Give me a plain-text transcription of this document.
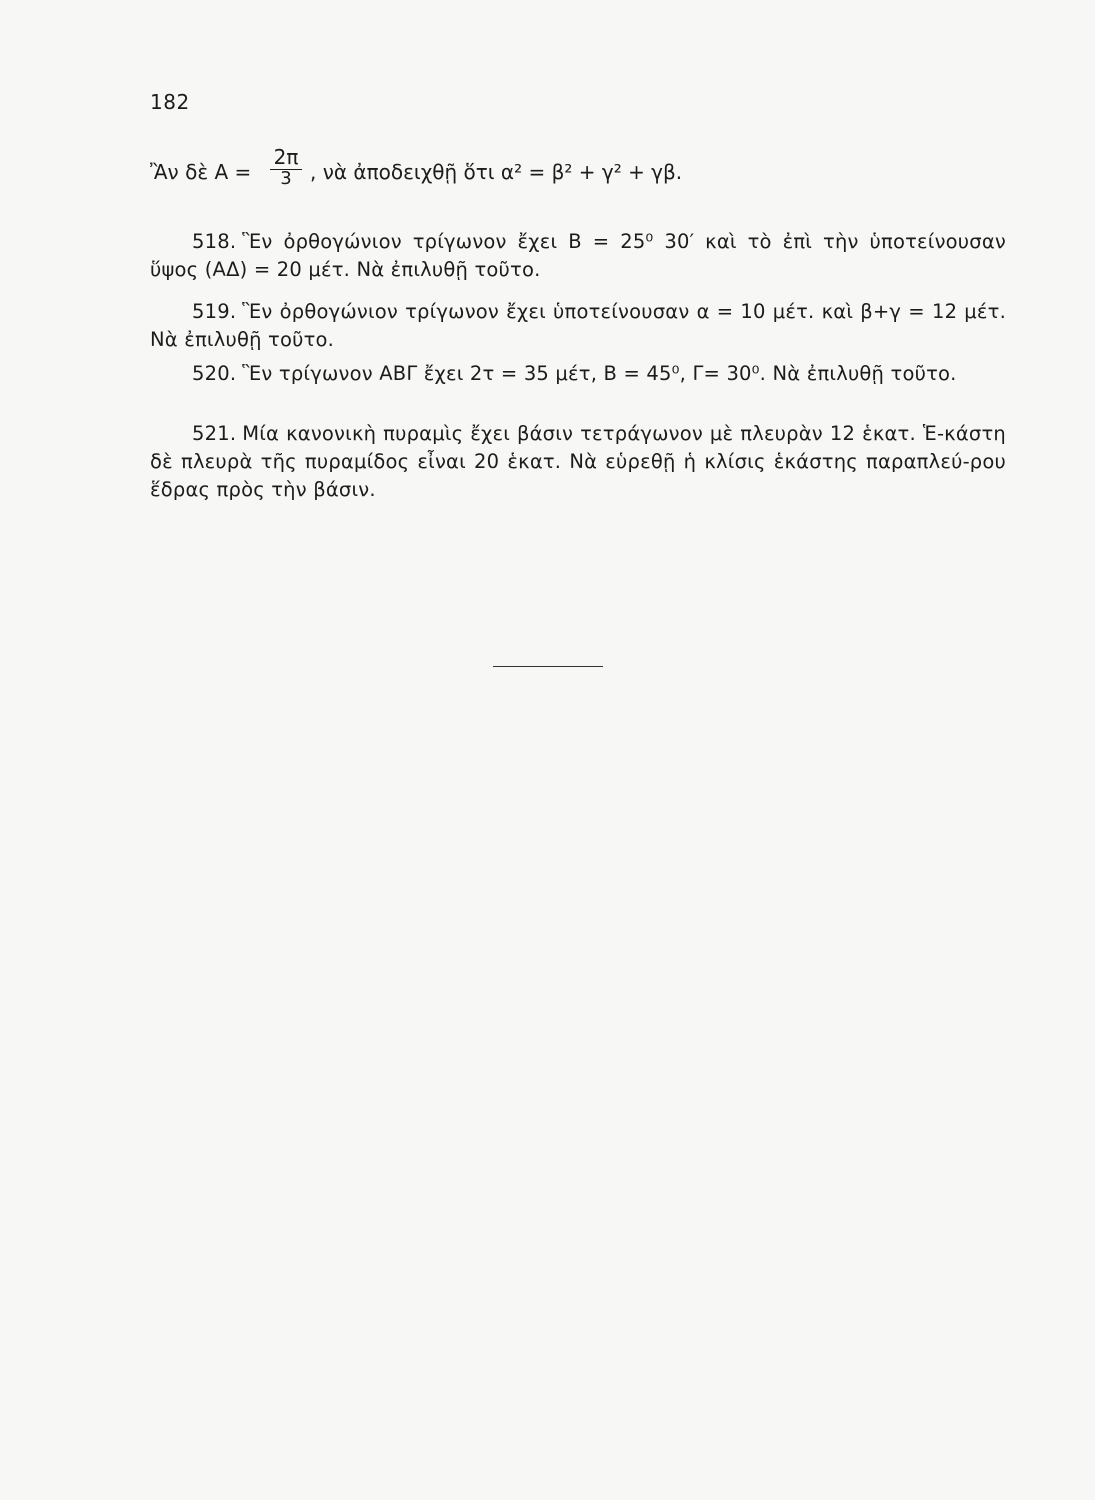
182
Ἂν δὲ Α =
2π
3 , νὰ ἀποδειχθῇ ὅτι α² = β² + γ² + γβ.

518. Ἓν ὀρθογώνιον τρίγωνον ἔχει Β = 25⁰ 30′ καὶ τὸ ἐπὶ τὴν ὑποτείνουσαν ὕψος (ΑΔ) = 20 μέτ. Νὰ ἐπιλυθῇ τοῦτο.

519. Ἓν ὀρθογώνιον τρίγωνον ἔχει ὑποτείνουσαν α = 10 μέτ. καὶ β+γ = 12 μέτ. Νὰ ἐπιλυθῇ τοῦτο.

520. Ἓν τρίγωνον ΑΒΓ ἔχει 2τ = 35 μέτ, Β = 45⁰, Γ= 30⁰. Νὰ ἐπιλυθῇ τοῦτο.

521. Μία κανονικὴ πυραμὶς ἔχει βάσιν τετράγωνον μὲ πλευρὰν 12 ἑκατ. Ἑ-κάστη δὲ πλευρὰ τῆς πυραμίδος εἶναι 20 ἑκατ. Νὰ εὑρεθῇ ἡ κλίσις ἑκάστης παραπλεύ-ρου ἕδρας πρὸς τὴν βάσιν.
